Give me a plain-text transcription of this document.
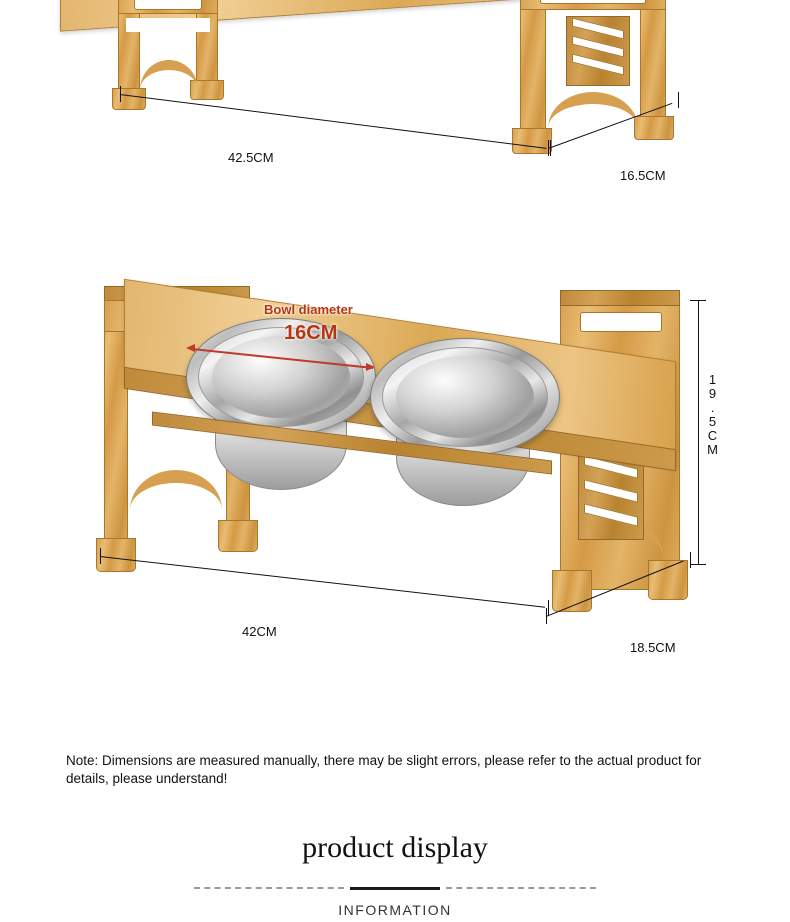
42.5CM
16.5CM
Bowl diameter
16CM
19.5CM
42CM
18.5CM
Note: Dimensions are measured manually, there may be slight errors, please refer to the actual product for details, please understand!
product display
INFORMATION
